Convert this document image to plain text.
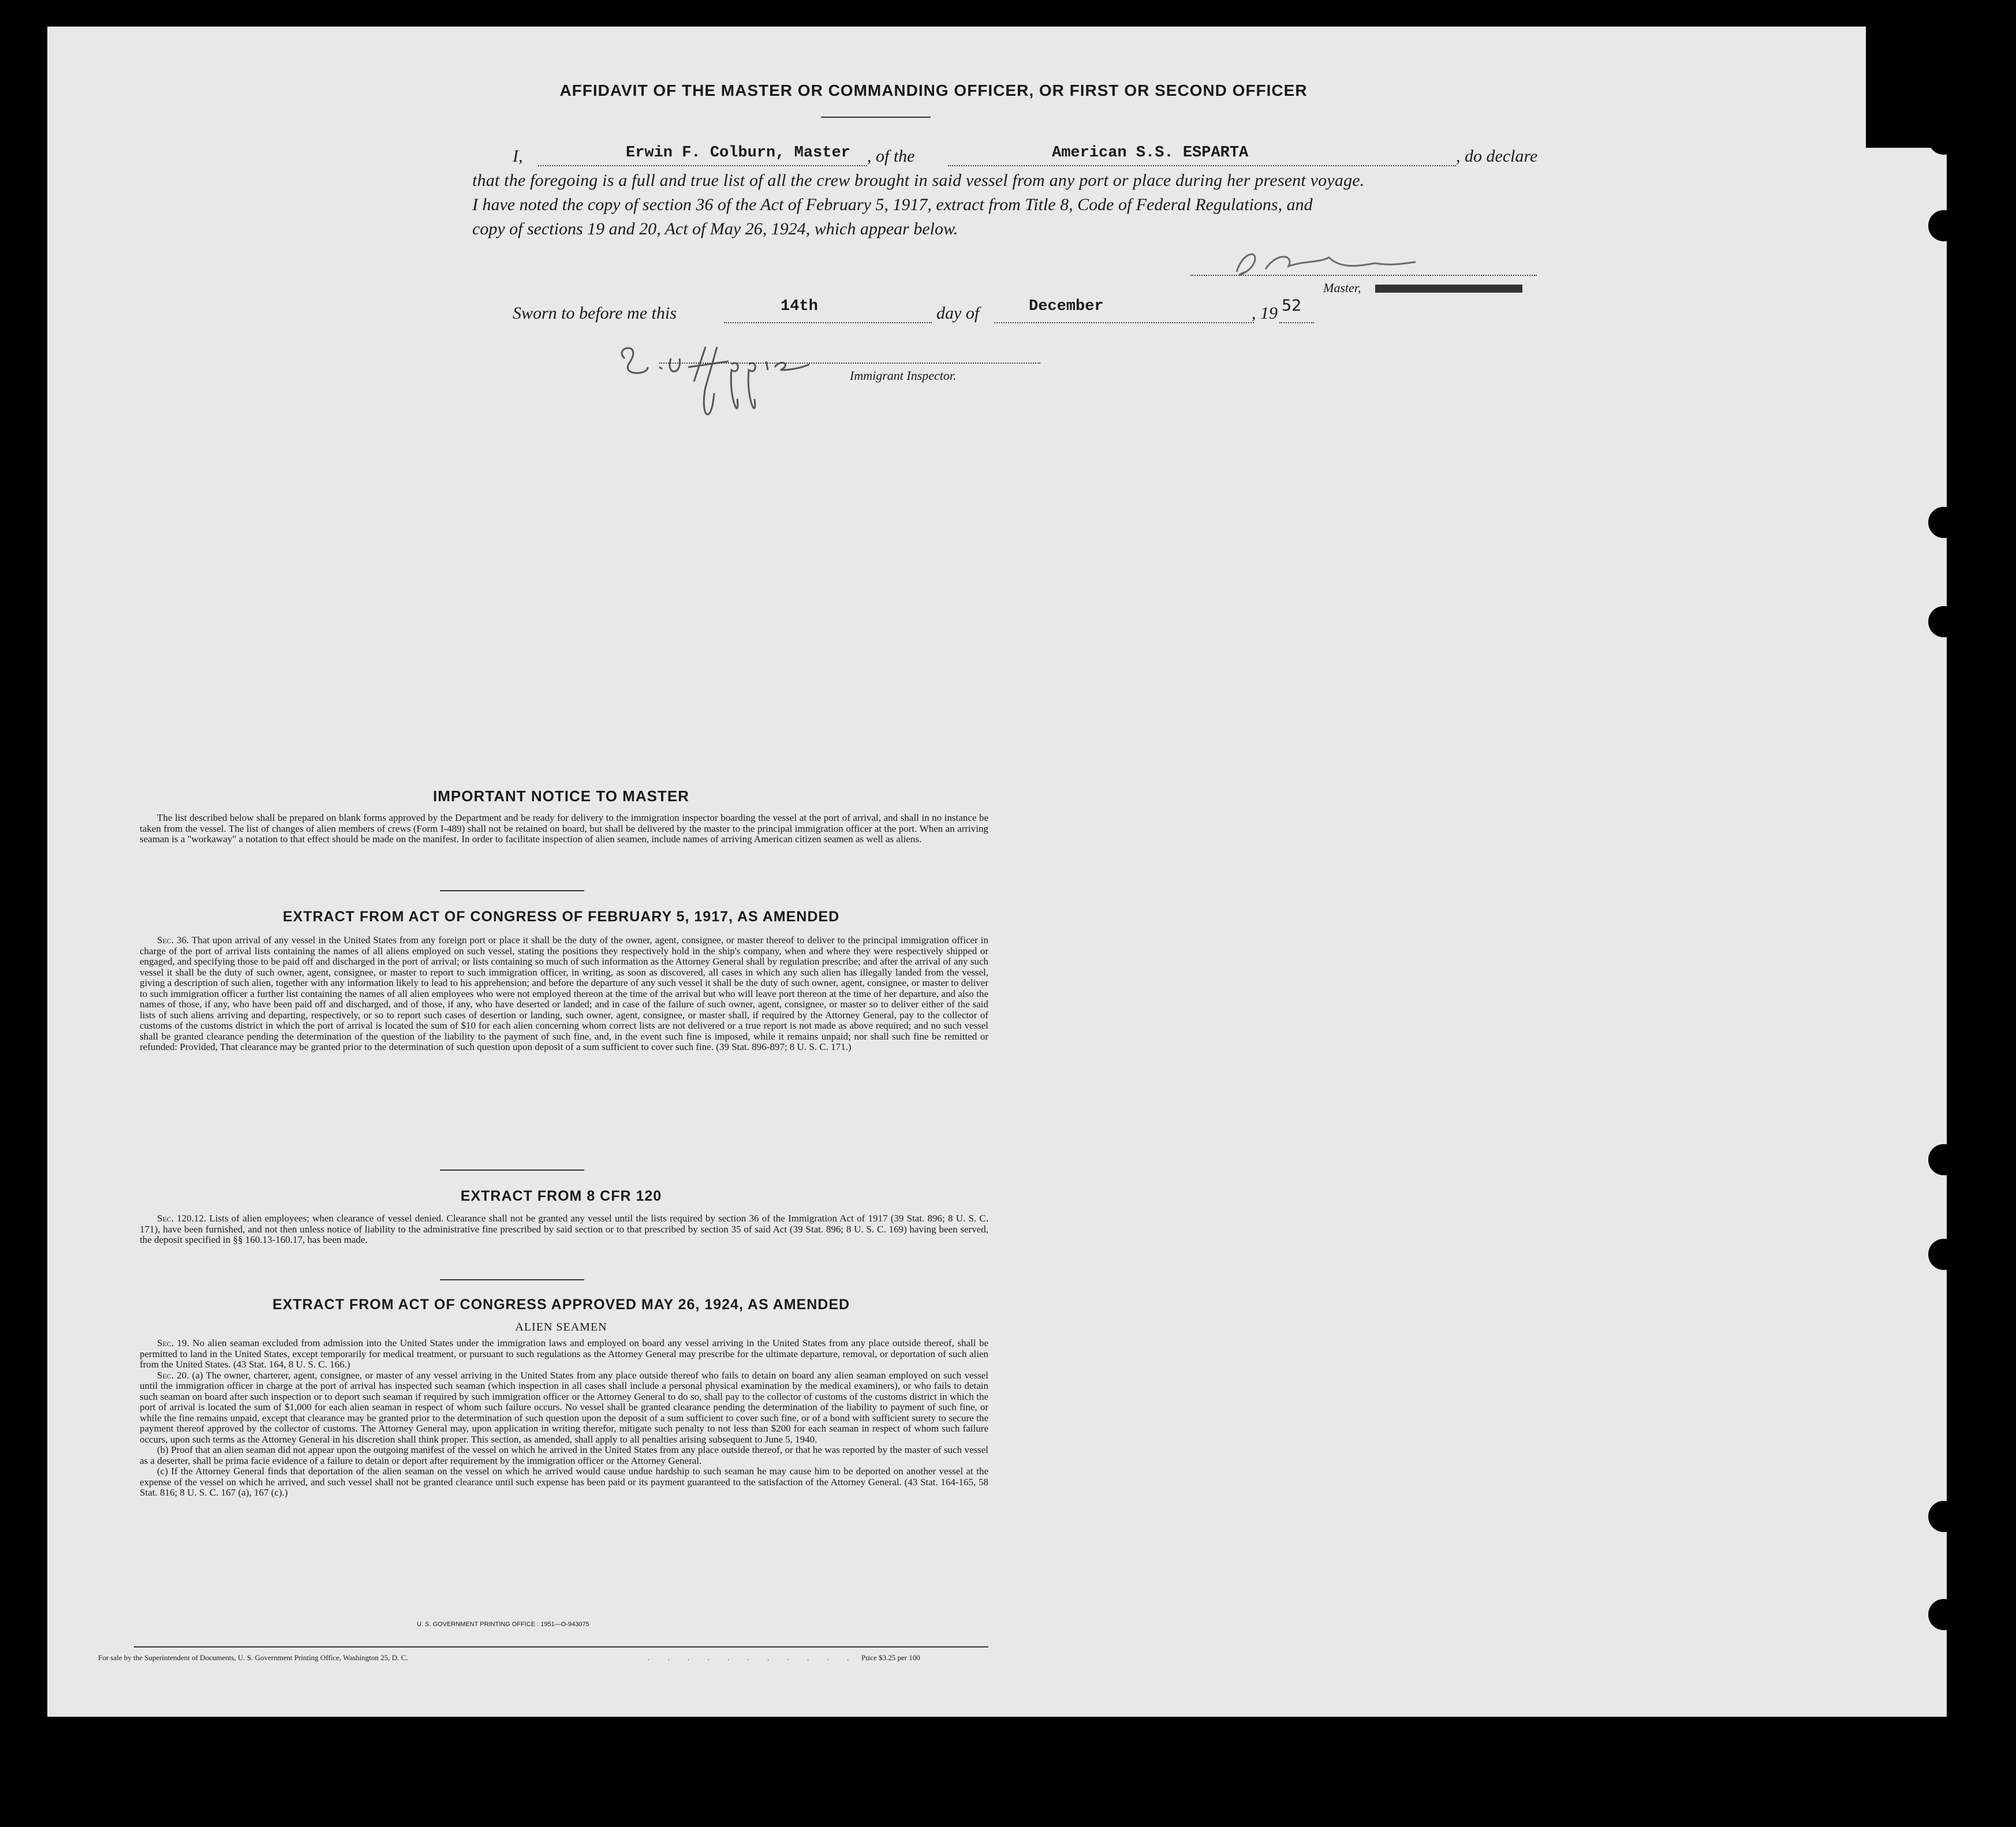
AFFIDAVIT OF THE MASTER OR COMMANDING OFFICER, OR FIRST OR SECOND OFFICER
I,	Erwin F. Colburn, Master , of the	American S.S. ESPARTA	, do declare
that the foregoing is a full and true list of all the crew brought in said vessel from any port or place during her present voyage.
I have noted the copy of section 36 of the Act of February 5, 1917, extract from Title 8, Code of Federal Regulations, and
copy of sections 19 and 20, Act of May 26, 1924, which appear below.
Master,
Sworn to before me this	14th	day of	December	, 19 52
Immigrant Inspector.
IMPORTANT NOTICE TO MASTER

The list described below shall be prepared on blank forms approved by the Department and be ready for delivery to the immigration inspector boarding the vessel at the port of arrival, and shall in no instance be taken from the vessel. The list of changes of alien members of crews (Form I-489) shall not be retained on board, but shall be delivered by the master to the principal immigration officer at the port. When an arriving seaman is a "workaway" a notation to that effect should be made on the manifest. In order to facilitate inspection of alien seamen, include names of arriving American citizen seamen as well as aliens.

EXTRACT FROM ACT OF CONGRESS OF FEBRUARY 5, 1917, AS AMENDED

Sec. 36. That upon arrival of any vessel in the United States from any foreign port or place it shall be the duty of the owner, agent, consignee, or master thereof to deliver to the principal immigration officer in charge of the port of arrival lists containing the names of all aliens employed on such vessel, stating the positions they respectively hold in the ship's company, when and where they were respectively shipped or engaged, and specifying those to be paid off and discharged in the port of arrival; or lists containing so much of such information as the Attorney General shall by regulation prescribe; and after the arrival of any such vessel it shall be the duty of such owner, agent, consignee, or master to report to such immigration officer, in writing, as soon as discovered, all cases in which any such alien has illegally landed from the vessel, giving a description of such alien, together with any information likely to lead to his apprehension; and before the departure of any such vessel it shall be the duty of such owner, agent, consignee, or master to deliver to such immigration officer a further list containing the names of all alien employees who were not employed thereon at the time of the arrival but who will leave port thereon at the time of her departure, and also the names of those, if any, who have been paid off and discharged, and of those, if any, who have deserted or landed; and in case of the failure of such owner, agent, consignee, or master so to deliver either of the said lists of such aliens arriving and departing, respectively, or so to report such cases of desertion or landing, such owner, agent, consignee, or master shall, if required by the Attorney General, pay to the collector of customs of the customs district in which the port of arrival is located the sum of $10 for each alien concerning whom correct lists are not delivered or a true report is not made as above required; and no such vessel shall be granted clearance pending the determination of the question of the liability to the payment of such fine, and, in the event such fine is imposed, while it remains unpaid; nor shall such fine be remitted or refunded: Provided, That clearance may be granted prior to the determination of such question upon deposit of a sum sufficient to cover such fine. (39 Stat. 896-897; 8 U. S. C. 171.)

EXTRACT FROM 8 CFR 120

Sec. 120.12. Lists of alien employees; when clearance of vessel denied. Clearance shall not be granted any vessel until the lists required by section 36 of the Immigration Act of 1917 (39 Stat. 896; 8 U. S. C. 171), have been furnished, and not then unless notice of liability to the administrative fine prescribed by said section or to that prescribed by section 35 of said Act (39 Stat. 896; 8 U. S. C. 169) having been served, the deposit specified in §§ 160.13-160.17, has been made.

EXTRACT FROM ACT OF CONGRESS APPROVED MAY 26, 1924, AS AMENDED
ALIEN SEAMEN

Sec. 19. No alien seaman excluded from admission into the United States under the immigration laws and employed on board any vessel arriving in the United States from any place outside thereof, shall be permitted to land in the United States, except temporarily for medical treatment, or pursuant to such regulations as the Attorney General may prescribe for the ultimate departure, removal, or deportation of such alien from the United States. (43 Stat. 164, 8 U. S. C. 166.)

Sec. 20. (a) The owner, charterer, agent, consignee, or master of any vessel arriving in the United States from any place outside thereof who fails to detain on board any alien seaman employed on such vessel until the immigration officer in charge at the port of arrival has inspected such seaman (which inspection in all cases shall include a personal physical examination by the medical examiners), or who fails to detain such seaman on board after such inspection or to deport such seaman if required by such immigration officer or the Attorney General to do so, shall pay to the collector of customs of the customs district in which the port of arrival is located the sum of $1,000 for each alien seaman in respect of whom such failure occurs. No vessel shall be granted clearance pending the determination of the liability to payment of such fine, or while the fine remains unpaid, except that clearance may be granted prior to the determination of such question upon the deposit of a sum sufficient to cover such fine, or of a bond with sufficient surety to secure the payment thereof approved by the collector of customs. The Attorney General may, upon application in writing therefor, mitigate such penalty to not less than $200 for each seaman in respect of whom such failure occurs, upon such terms as the Attorney General in his discretion shall think proper. This section, as amended, shall apply to all penalties arising subsequent to June 5, 1940.

(b) Proof that an alien seaman did not appear upon the outgoing manifest of the vessel on which he arrived in the United States from any place outside thereof, or that he was reported by the master of such vessel as a deserter, shall be prima facie evidence of a failure to detain or deport after requirement by the immigration officer or the Attorney General.

(c) If the Attorney General finds that deportation of the alien seaman on the vessel on which he arrived would cause undue hardship to such seaman he may cause him to be deported on another vessel at the expense of the vessel on which he arrived, and such vessel shall not be granted clearance until such expense has been paid or its payment guaranteed to the satisfaction of the Attorney General. (43 Stat. 164-165, 58 Stat. 816; 8 U. S. C. 167 (a), 167 (c).)

U. S. GOVERNMENT PRINTING OFFICE : 1951—O-943075
For sale by the Superintendent of Documents, U. S. Government Printing Office, Washington 25, D. C.	. . . . . . . . . . . .
Price $3.25 per 100
